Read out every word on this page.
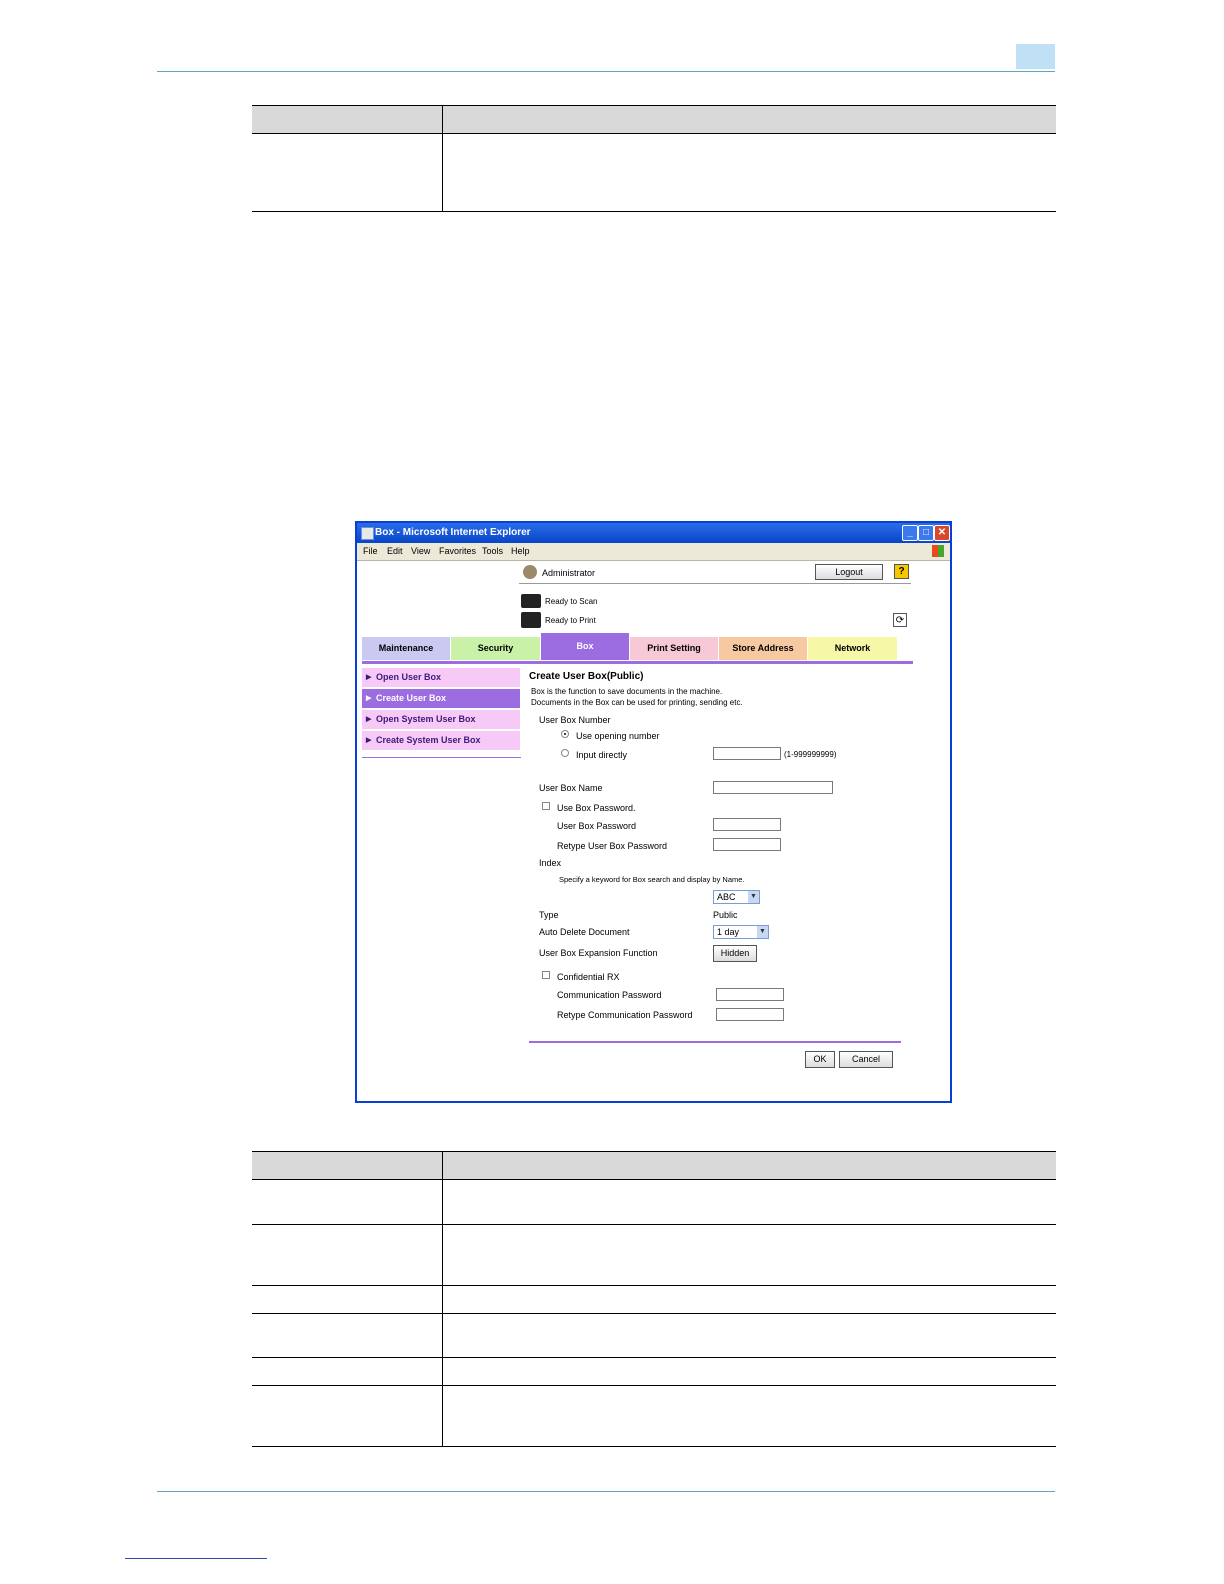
Box - Microsoft Internet Explorer	_	□ ✕
File Edit View Favorites Tools Help
Administrator	Logout	?
Ready to Scan
Ready to Print	⟳
Maintenance	Security	Box	Print Setting	Store Address	Network
▶ Open User Box
▶ Create User Box
▶ Open System User Box
▶ Create System User Box
Create User Box(Public)
Box is the function to save documents in the machine.
Documents in the Box can be used for printing, sending etc.
User Box Number
Use opening number
Input directly	(1-999999999)
User Box Name
Use Box Password.
User Box Password
Retype User Box Password
Index
Specify a keyword for Box search and display by Name.
ABC ▼
Type	Public
Auto Delete Document	1 day	▼
User Box Expansion Function	Hidden
Confidential RX
Communication Password
Retype Communication Password
OK	Cancel
